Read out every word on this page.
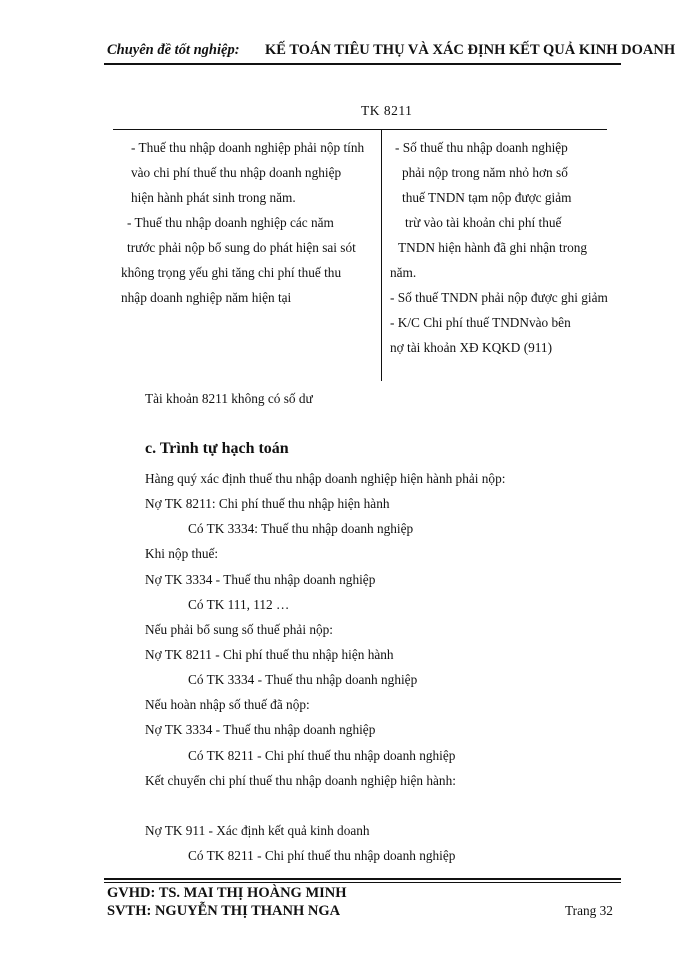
Chuyên đề tốt nghiệp: KẾ TOÁN TIÊU THỤ VÀ XÁC ĐỊNH KẾT QUẢ KINH DOANH
TK 8211
- Thuế thu nhập doanh nghiệp phải nộp tính
vào chi phí thuế thu nhập doanh nghiệp
hiện hành phát sinh trong năm.
- Thuế thu nhập doanh nghiệp các năm
trước phải nộp bổ sung do phát hiện sai sót
không trọng yếu ghi tăng chi phí thuế thu
nhập doanh nghiệp năm hiện tại
- Số thuế thu nhập doanh nghiệp
phải nộp trong năm nhỏ hơn số
thuế TNDN tạm nộp được giảm
trừ vào tài khoản chi phí thuế
TNDN hiện hành đã ghi nhận trong
năm.
- Số thuế TNDN phải nộp được ghi giảm
- K/C Chi phí thuế TNDNvào bên
nợ tài khoản XĐ KQKD (911)
Tài khoản 8211 không có số dư
c. Trình tự hạch toán
Hàng quý xác định thuế thu nhập doanh nghiệp hiện hành phải nộp:
Nợ TK 8211: Chi phí thuế thu nhập hiện hành
Có TK 3334: Thuế thu nhập doanh nghiệp
Khi nộp thuế:
Nợ TK 3334 - Thuế thu nhập doanh nghiệp
Có TK 111, 112 …
Nếu phải bổ sung số thuế phải nộp:
Nợ TK 8211 - Chi phí thuế thu nhập hiện hành
Có TK 3334 - Thuế thu nhập doanh nghiệp
Nếu hoàn nhập số thuế đã nộp:
Nợ TK 3334 - Thuế thu nhập doanh nghiệp
Có TK 8211 - Chi phí thuế thu nhập doanh nghiệp
Kết chuyển chi phí thuế thu nhập doanh nghiệp hiện hành:
Nợ TK 911 - Xác định kết quả kinh doanh
Có TK 8211 - Chi phí thuế thu nhập doanh nghiệp
GVHD: TS. MAI THỊ HOÀNG MINH
SVTH: NGUYỄN THỊ THANH NGA	Trang 32
